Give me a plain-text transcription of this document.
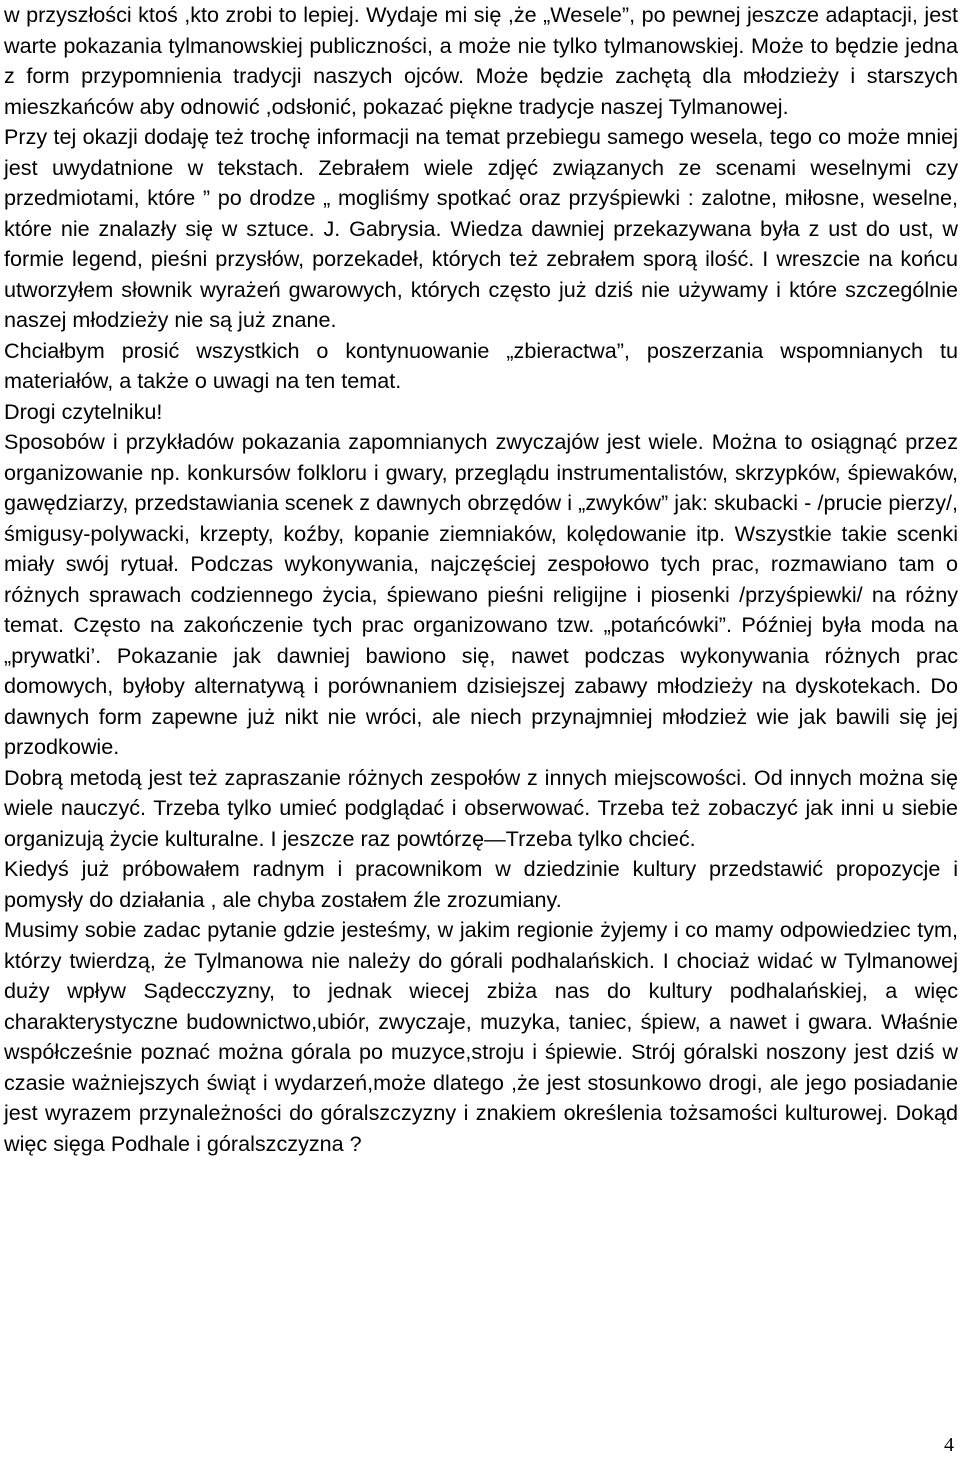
w przyszłości ktoś ,kto zrobi to lepiej. Wydaje mi się ,że „Wesele”, po pewnej jeszcze adaptacji, jest warte pokazania tylmanowskiej publiczności, a może nie tylko tylmanowskiej. Może to będzie jedna z form przypomnienia tradycji naszych ojców. Może będzie zachętą dla młodzieży i starszych mieszkańców aby odnowić ,odsłonić, pokazać piękne tradycje naszej Tylmanowej.

Przy tej okazji dodaję też trochę informacji na temat przebiegu samego wesela, tego co może mniej jest uwydatnione w tekstach. Zebrałem wiele zdjęć związanych ze scenami weselnymi czy przedmiotami, które ” po drodze „ mogliśmy spotkać oraz przyśpiewki : zalotne, miłosne, weselne, które nie znalazły się w sztuce. J. Gabrysia. Wiedza dawniej przekazywana była z ust do ust, w formie legend, pieśni przysłów, porzekadeł, których też zebrałem sporą ilość. I wreszcie na końcu utworzyłem słownik wyrażeń gwarowych, których często już dziś nie używamy i które szczególnie naszej młodzieży nie są już znane.

Chciałbym prosić wszystkich o kontynuowanie „zbieractwa”, poszerzania wspomnianych tu materiałów, a także o uwagi na ten temat.

Drogi czytelniku!

Sposobów i przykładów pokazania zapomnianych zwyczajów jest wiele. Można to osiągnąć przez organizowanie np. konkursów folkloru i gwary, przeglądu instrumentalistów, skrzypków, śpiewaków, gawędziarzy, przedstawiania scenek z dawnych obrzędów i „zwyków” jak: skubacki - /prucie pierzy/, śmigusy-polywacki, krzepty, koźby, kopanie ziemniaków, kolędowanie itp. Wszystkie takie scenki miały swój rytuał. Podczas wykonywania, najczęściej zespołowo tych prac, rozmawiano tam o różnych sprawach codziennego życia, śpiewano pieśni religijne i piosenki /przyśpiewki/ na różny temat. Często na zakończenie tych prac organizowano tzw. „potańcówki”. Później była moda na „prywatki’. Pokazanie jak dawniej bawiono się, nawet podczas wykonywania różnych prac domowych, byłoby alternatywą i porównaniem dzisiejszej zabawy młodzieży na dyskotekach. Do dawnych form zapewne już nikt nie wróci, ale niech przynajmniej młodzież wie jak bawili się jej przodkowie.

Dobrą metodą jest też zapraszanie różnych zespołów z innych miejscowości. Od innych można się wiele nauczyć. Trzeba tylko umieć podglądać i obserwować. Trzeba też zobaczyć jak inni u siebie organizują życie kulturalne. I jeszcze raz powtórzę—Trzeba tylko chcieć.

Kiedyś już próbowałem radnym i pracownikom w dziedzinie kultury przedstawić propozycje i pomysły do działania , ale chyba zostałem źle zrozumiany.

Musimy sobie zadac pytanie gdzie jesteśmy, w jakim regionie żyjemy i co mamy odpowiedziec tym, którzy twierdzą, że Tylmanowa nie należy do górali podhalańskich. I chociaż widać w Tylmanowej duży wpływ Sądecczyzny, to jednak wiecej zbiża nas do kultury podhalańskiej, a więc charakterystyczne budownictwo,ubiór, zwyczaje, muzyka, taniec, śpiew, a nawet i gwara. Właśnie współcześnie poznać można górala po muzyce,stroju i śpiewie. Strój góralski noszony jest dziś w czasie ważniejszych świąt i wydarzeń,może dlatego ,że jest stosunkowo drogi, ale jego posiadanie jest wyrazem przynależności do góralszczyzny i znakiem określenia tożsamości kulturowej. Dokąd więc sięga Podhale i góralszczyzna ?

4
